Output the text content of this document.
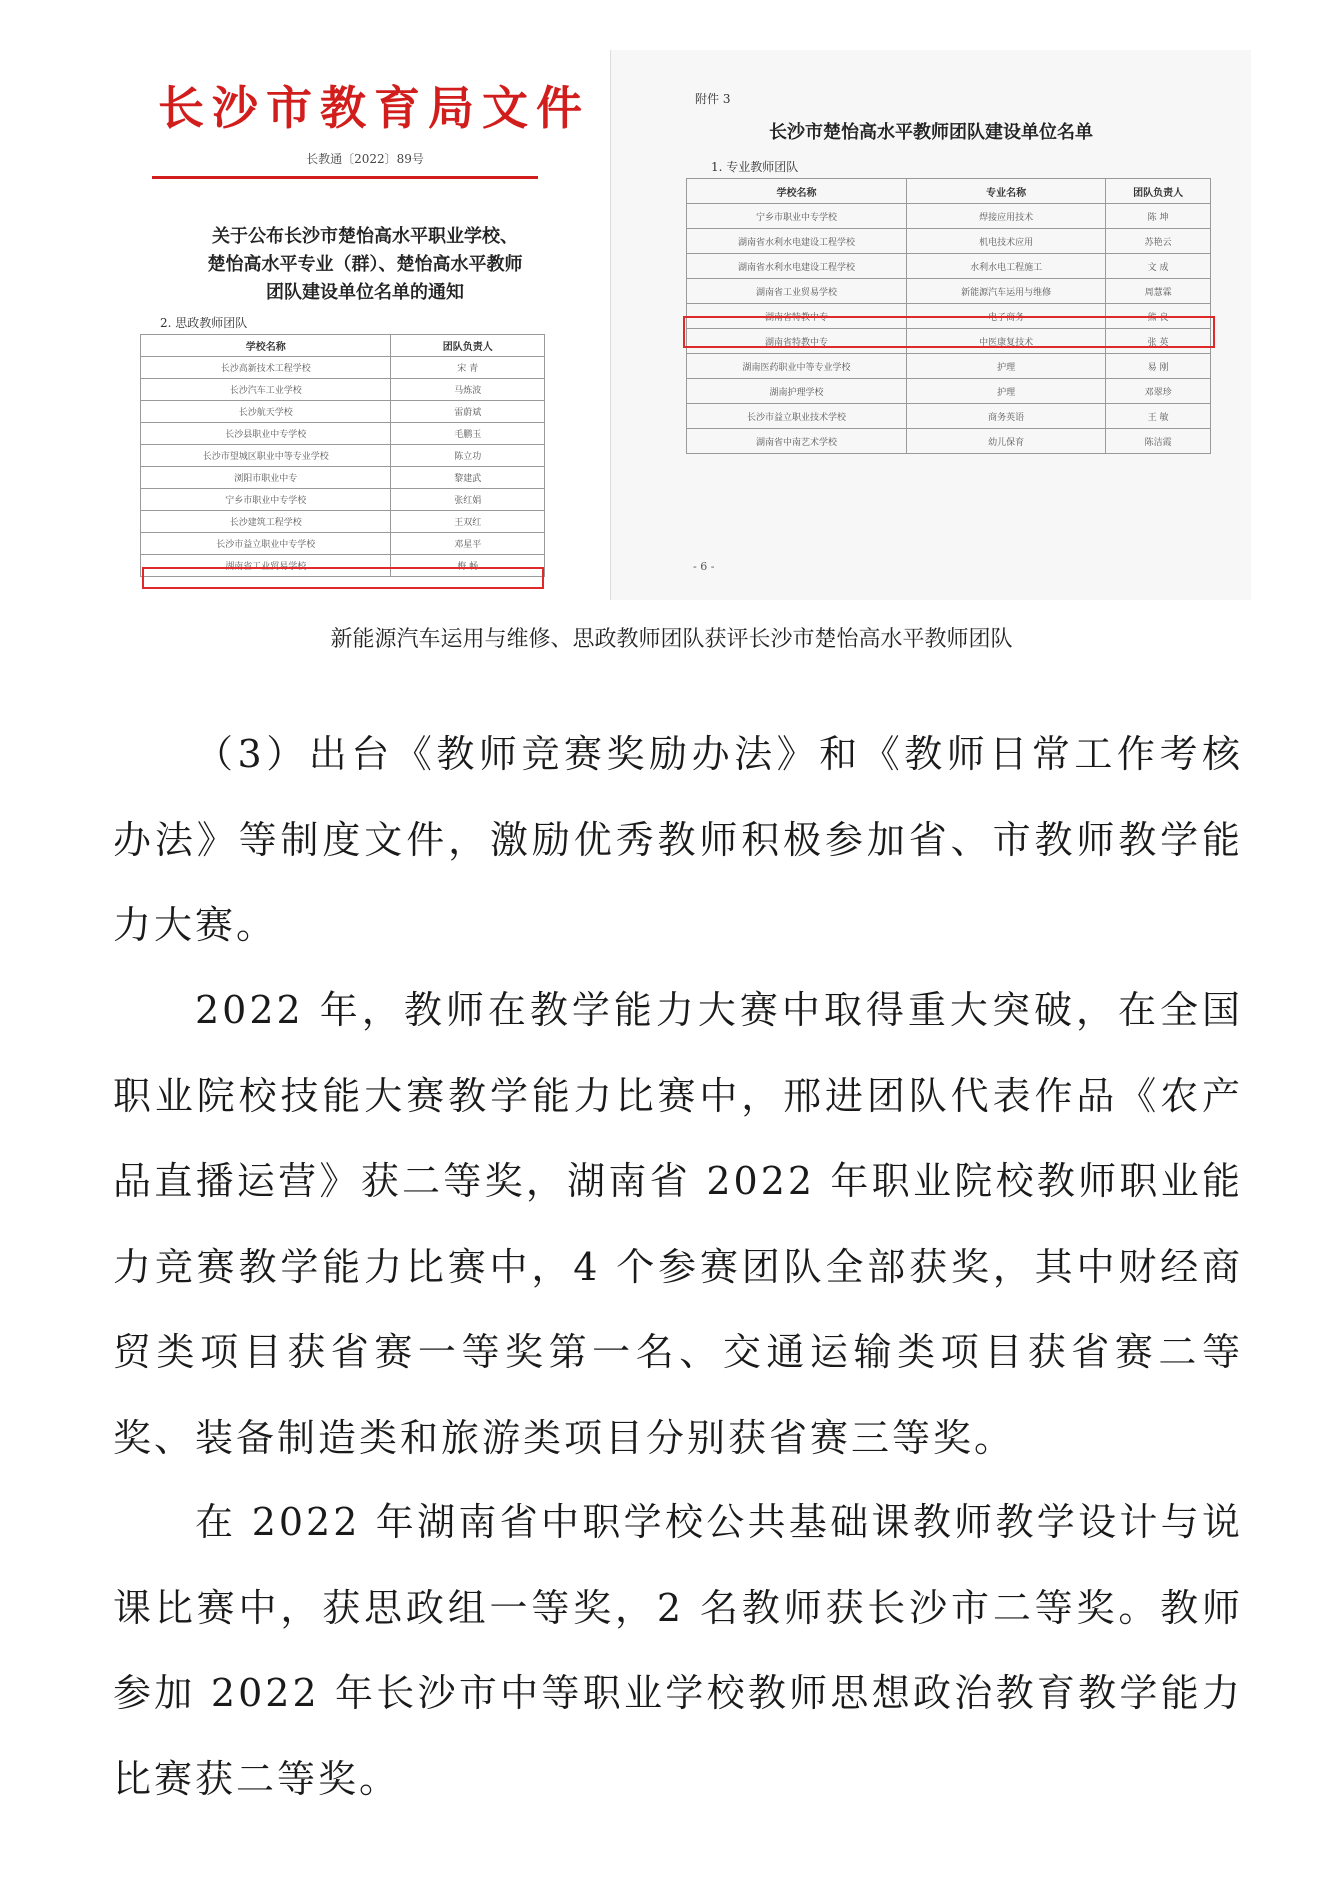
长沙市教育局文件
长教通〔2022〕89号
关于公布长沙市楚怡高水平职业学校、
楚怡高水平专业（群）、楚怡高水平教师
团队建设单位名单的通知
2. 思政教师团队
学校名称	团队负责人
长沙高新技术工程学校	宋 青
长沙汽车工业学校	马炼波
长沙航天学校	雷蔚斌
长沙县职业中专学校	毛鹏玉
长沙市望城区职业中等专业学校	陈立功
浏阳市职业中专	黎建武
宁乡市职业中专学校	张红娟
长沙建筑工程学校	王双红
长沙市益立职业中专学校	邓星平
湖南省工业贸易学校	梅 畅
附件 3
长沙市楚怡高水平教师团队建设单位名单
1. 专业教师团队
学校名称	专业名称	团队负责人
宁乡市职业中专学校	焊接应用技术	陈 坤
湖南省水利水电建设工程学校	机电技术应用	苏艳云
湖南省水利水电建设工程学校	水利水电工程施工	文 成
湖南省工业贸易学校	新能源汽车运用与维修	周慧霖
湖南省特教中专	电子商务	熊 良
湖南省特教中专	中医康复技术	张 英
湖南医药职业中等专业学校	护理	易 刚
湖南护理学校	护理	邓翠珍
长沙市益立职业技术学校	商务英语	王 敏
湖南省中南艺术学校	幼儿保育	陈洁霞
- 6 -
新能源汽车运用与维修、思政教师团队获评长沙市楚怡高水平教师团队

（3）出台《教师竞赛奖励办法》和《教师日常工作考核办法》等制度文件，激励优秀教师积极参加省、市教师教学能力大赛。

2022 年，教师在教学能力大赛中取得重大突破，在全国职业院校技能大赛教学能力比赛中，邢进团队代表作品《农产品直播运营》获二等奖，湖南省 2022 年职业院校教师职业能力竞赛教学能力比赛中，4 个参赛团队全部获奖，其中财经商贸类项目获省赛一等奖第一名、交通运输类项目获省赛二等奖、装备制造类和旅游类项目分别获省赛三等奖。

在 2022 年湖南省中职学校公共基础课教师教学设计与说课比赛中，获思政组一等奖，2 名教师获长沙市二等奖。教师参加 2022 年长沙市中等职业学校教师思想政治教育教学能力比赛获二等奖。
